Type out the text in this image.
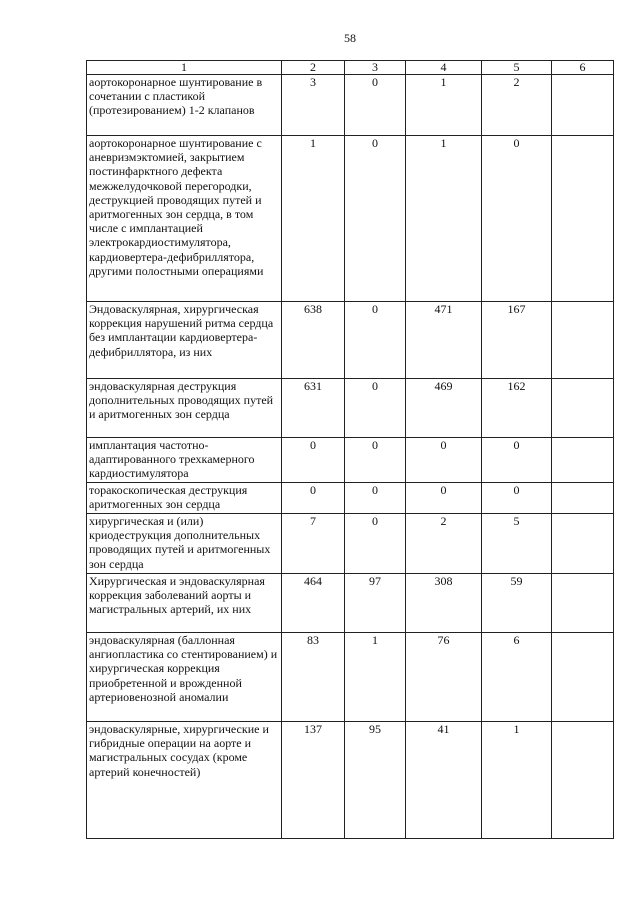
58
1	2	3	4	5	6
аортокоронарное шунтирование в сочетании с пластикой (протезированием) 1-2 клапанов	3	0	1	2	
аортокоронарное шунтирование с аневризмэктомией, закрытием постинфарктного дефекта межжелудочковой перегородки, деструкцией проводящих путей и аритмогенных зон сердца, в том числе с имплантацией электрокардиостимулятора, кардиовертера-дефибриллятора, другими полостными операциями	1	0	1	0	
Эндоваскулярная, хирургическая коррекция нарушений ритма сердца без имплантации кардиовертера-дефибриллятора, из них	638	0	471	167	
эндоваскулярная деструкция дополнительных проводящих путей и аритмогенных зон сердца	631	0	469	162	
имплантация частотно-адаптированного трехкамерного кардиостимулятора	0	0	0	0	
торакоскопическая деструкция аритмогенных зон сердца	0	0	0	0	
хирургическая и (или) криодеструкция дополнительных проводящих путей и аритмогенных зон сердца	7	0	2	5	
Хирургическая и эндоваскулярная коррекция заболеваний аорты и магистральных артерий, их них	464	97	308	59	
эндоваскулярная (баллонная ангиопластика со стентированием) и хирургическая коррекция приобретенной и врожденной артериовенозной аномалии	83	1	76	6	
эндоваскулярные, хирургические и гибридные операции на аорте и магистральных сосудах (кроме артерий конечностей)	137	95	41	1	
